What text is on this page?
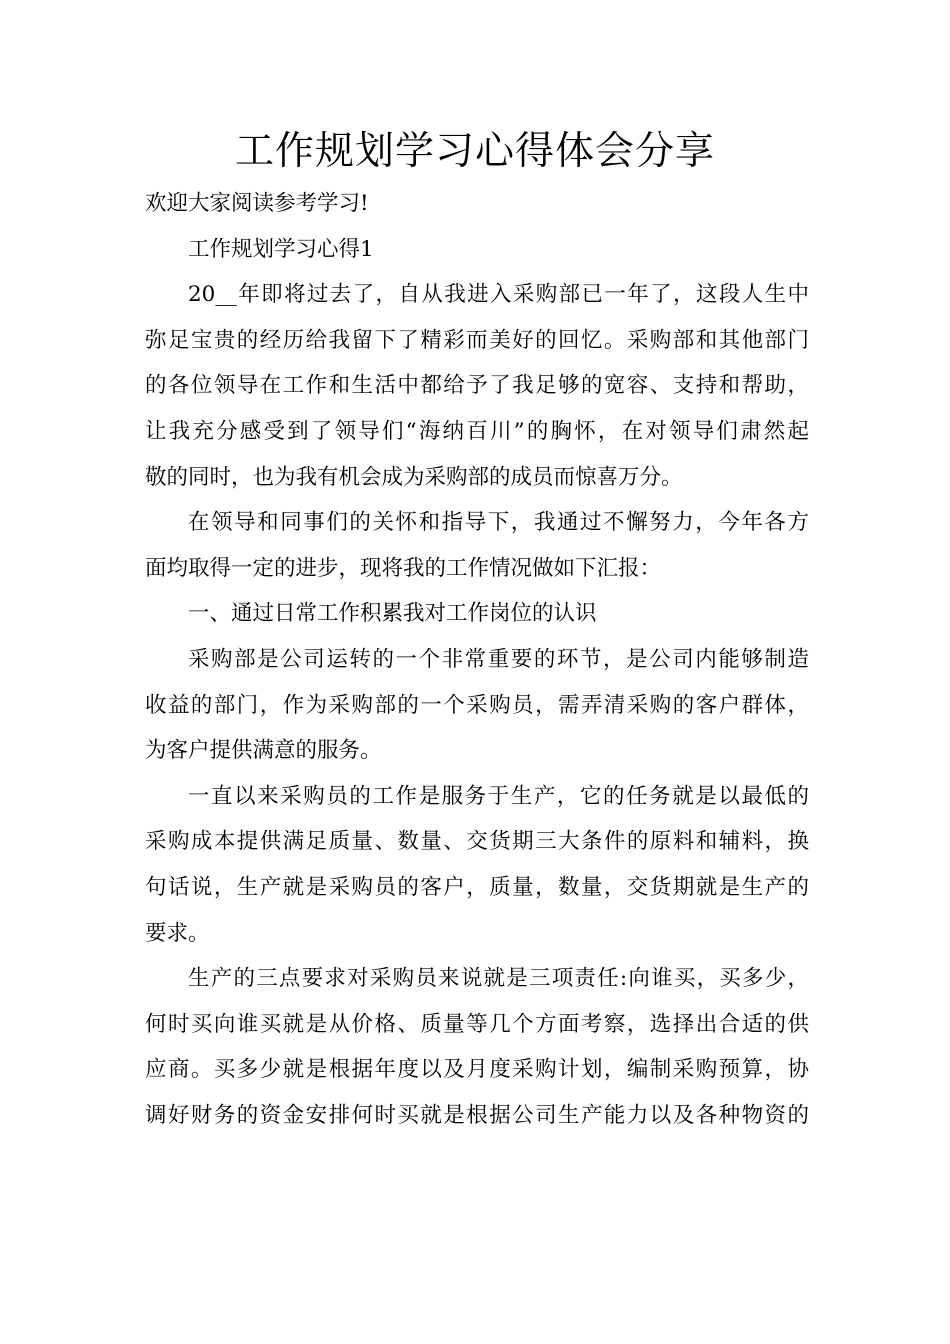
工作规划学习心得体会分享
欢迎大家阅读参考学习!
工作规划学习心得1
20__年即将过去了，自从我进入采购部已一年了，这段人生中
弥足宝贵的经历给我留下了精彩而美好的回忆。采购部和其他部门
的各位领导在工作和生活中都给予了我足够的宽容、支持和帮助，
让我充分感受到了领导们“海纳百川”的胸怀，在对领导们肃然起
敬的同时，也为我有机会成为采购部的成员而惊喜万分。
在领导和同事们的关怀和指导下，我通过不懈努力，今年各方
面均取得一定的进步，现将我的工作情况做如下汇报：
一、通过日常工作积累我对工作岗位的认识
采购部是公司运转的一个非常重要的环节，是公司内能够制造
收益的部门，作为采购部的一个采购员，需弄清采购的客户群体，
为客户提供满意的服务。
一直以来采购员的工作是服务于生产，它的任务就是以最低的
采购成本提供满足质量、数量、交货期三大条件的原料和辅料，换
句话说，生产就是采购员的客户，质量，数量，交货期就是生产的
要求。
生产的三点要求对采购员来说就是三项责任:向谁买，买多少，
何时买向谁买就是从价格、质量等几个方面考察，选择出合适的供
应商。买多少就是根据年度以及月度采购计划，编制采购预算，协
调好财务的资金安排何时买就是根据公司生产能力以及各种物资的
